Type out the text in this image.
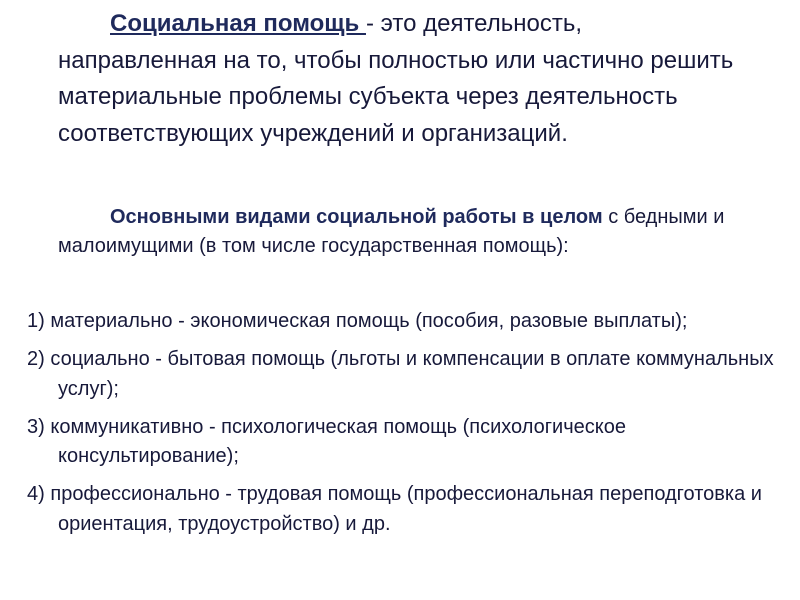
Социальная помощь - это деятельность, направленная на то, чтобы полностью или частично решить материальные проблемы субъекта через деятельность соответствующих учреждений и организаций.

Основными видами социальной работы в целом с бедными и малоимущими (в том числе государственная помощь):

1) материально - экономическая помощь (пособия, разовые выплаты);
2) социально - бытовая помощь (льготы и компенсации в оплате коммунальных услуг);
3) коммуникативно - психологическая помощь (психологическое консультирование);
4) профессионально - трудовая помощь (профессиональная переподготовка и ориентация, трудоустройство) и др.
